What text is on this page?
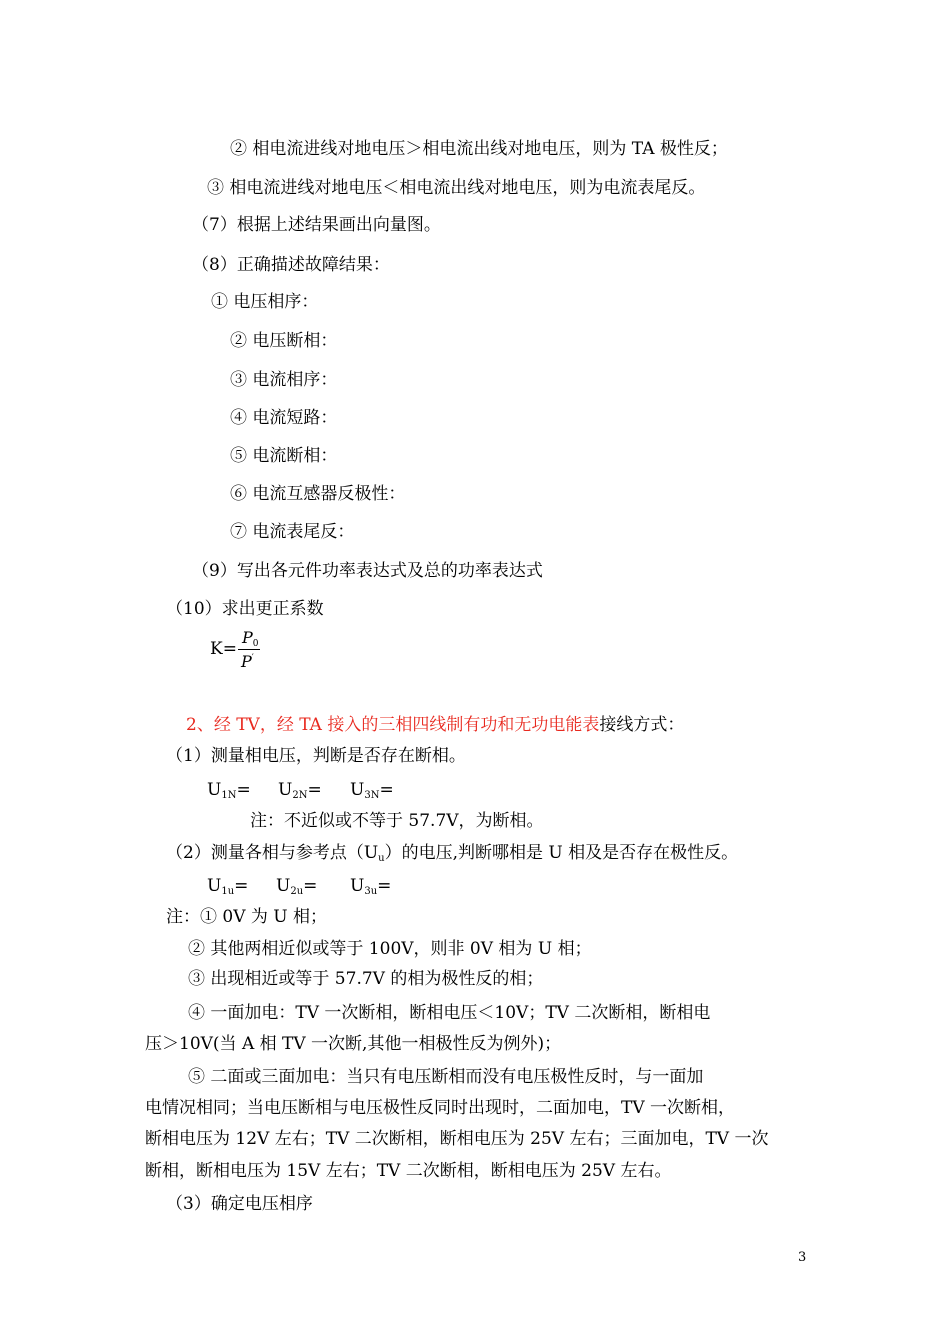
② 相电流进线对地电压＞相电流出线对地电压，则为 TA 极性反；
③ 相电流进线对地电压＜相电流出线对地电压，则为电流表尾反。
（7）根据上述结果画出向量图。
（8）正确描述故障结果：
① 电压相序：
② 电压断相：
③ 电流相序：
④ 电流短路：
⑤ 电流断相：
⑥ 电流互感器反极性：
⑦ 电流表尾反：
（9）写出各元件功率表达式及总的功率表达式
（10）求出更正系数
K=
$P_0$
P′
2、经 TV，经 TA 接入的三相四线制有功和无功电能表接线方式：
（1）测量相电压，判断是否存在断相。
$U_{1N}= U_{2N}= U_{3N}=$
注：不近似或不等于 57.7V，为断相。
（2）测量各相与参考点$(U_u)$的电压,判断哪相是 U 相及是否存在极性反。
$U_{1u}= U_{2u}= U_{3u}=$
注：① 0V 为 U 相；
② 其他两相近似或等于 100V，则非 0V 相为 U 相；
③ 出现相近或等于 57.7V 的相为极性反的相；
④ 一面加电：TV 一次断相，断相电压＜10V；TV 二次断相，断相电
压＞10V(当 A 相 TV 一次断,其他一相极性反为例外)；
⑤ 二面或三面加电：当只有电压断相而没有电压极性反时，与一面加
电情况相同；当电压断相与电压极性反同时出现时，二面加电，TV 一次断相，
断相电压为 12V 左右；TV 二次断相，断相电压为 25V 左右；三面加电，TV 一次
断相，断相电压为 15V 左右；TV 二次断相，断相电压为 25V 左右。
（3）确定电压相序
3
